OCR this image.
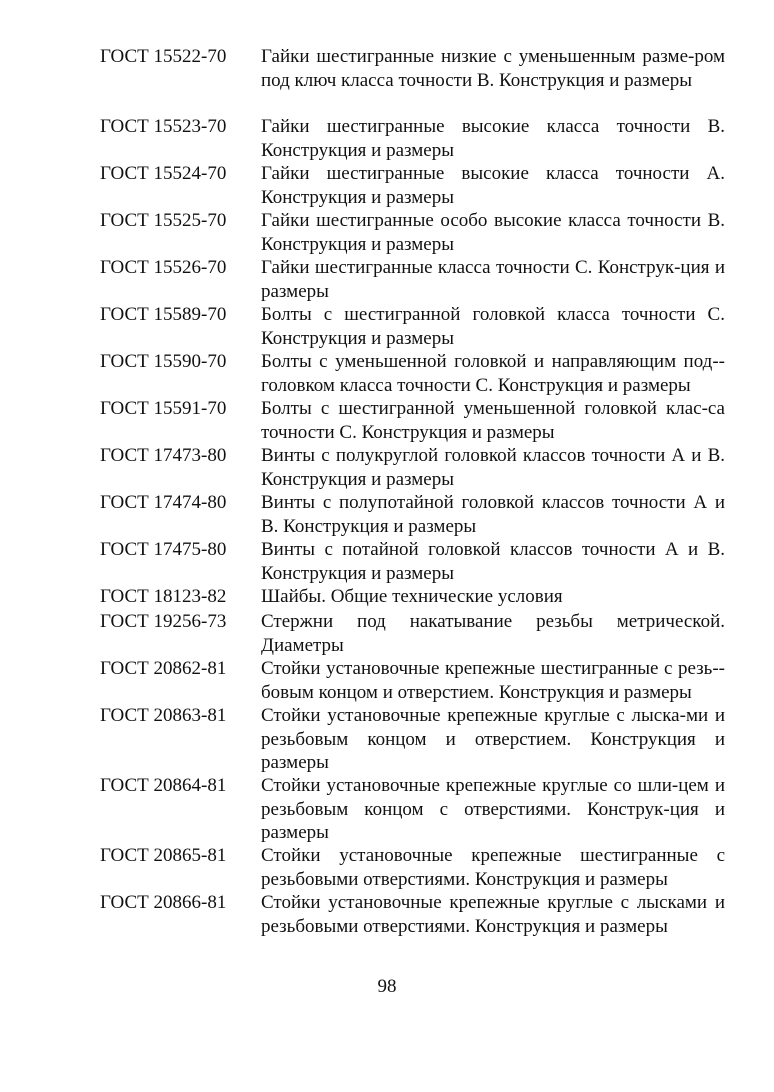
ГОСТ 15522-70	Гайки шестигранные низкие с уменьшенным разме-ром под ключ класса точности В. Конструкция и размеры
ГОСТ 15523-70	Гайки шестигранные высокие класса точности В. Конструкция и размеры
ГОСТ 15524-70	Гайки шестигранные высокие класса точности А. Конструкция и размеры
ГОСТ 15525-70	Гайки шестигранные особо высокие класса точности В. Конструкция и размеры
ГОСТ 15526-70	Гайки шестигранные класса точности С. Конструк-ция и размеры
ГОСТ 15589-70	Болты с шестигранной головкой класса точности С. Конструкция и размеры
ГОСТ 15590-70	Болты с уменьшенной головкой и направляющим под-головком класса точности С. Конструкция и размеры
ГОСТ 15591-70	Болты с шестигранной уменьшенной головкой клас-са точности С. Конструкция и размеры
ГОСТ 17473-80	Винты с полукруглой головкой классов точности А и В. Конструкция и размеры
ГОСТ 17474-80	Винты с полупотайной головкой классов точности А и В. Конструкция и размеры
ГОСТ 17475-80	Винты с потайной головкой классов точности А и В. Конструкция и размеры
ГОСТ 18123-82	Шайбы. Общие технические условия
ГОСТ 19256-73	Стержни под накатывание резьбы метрической. Диаметры
ГОСТ 20862-81	Стойки установочные крепежные шестигранные с резь-бовым концом и отверстием. Конструкция и размеры
ГОСТ 20863-81	Стойки установочные крепежные круглые с лыска-ми и резьбовым концом и отверстием. Конструкция и размеры
ГОСТ 20864-81	Стойки установочные крепежные круглые со шли-цем и резьбовым концом с отверстиями. Конструк-ция и размеры
ГОСТ 20865-81	Стойки установочные крепежные шестигранные с резьбовыми отверстиями. Конструкция и размеры
ГОСТ 20866-81	Стойки установочные крепежные круглые с лысками и резьбовыми отверстиями. Конструкция и размеры
98
